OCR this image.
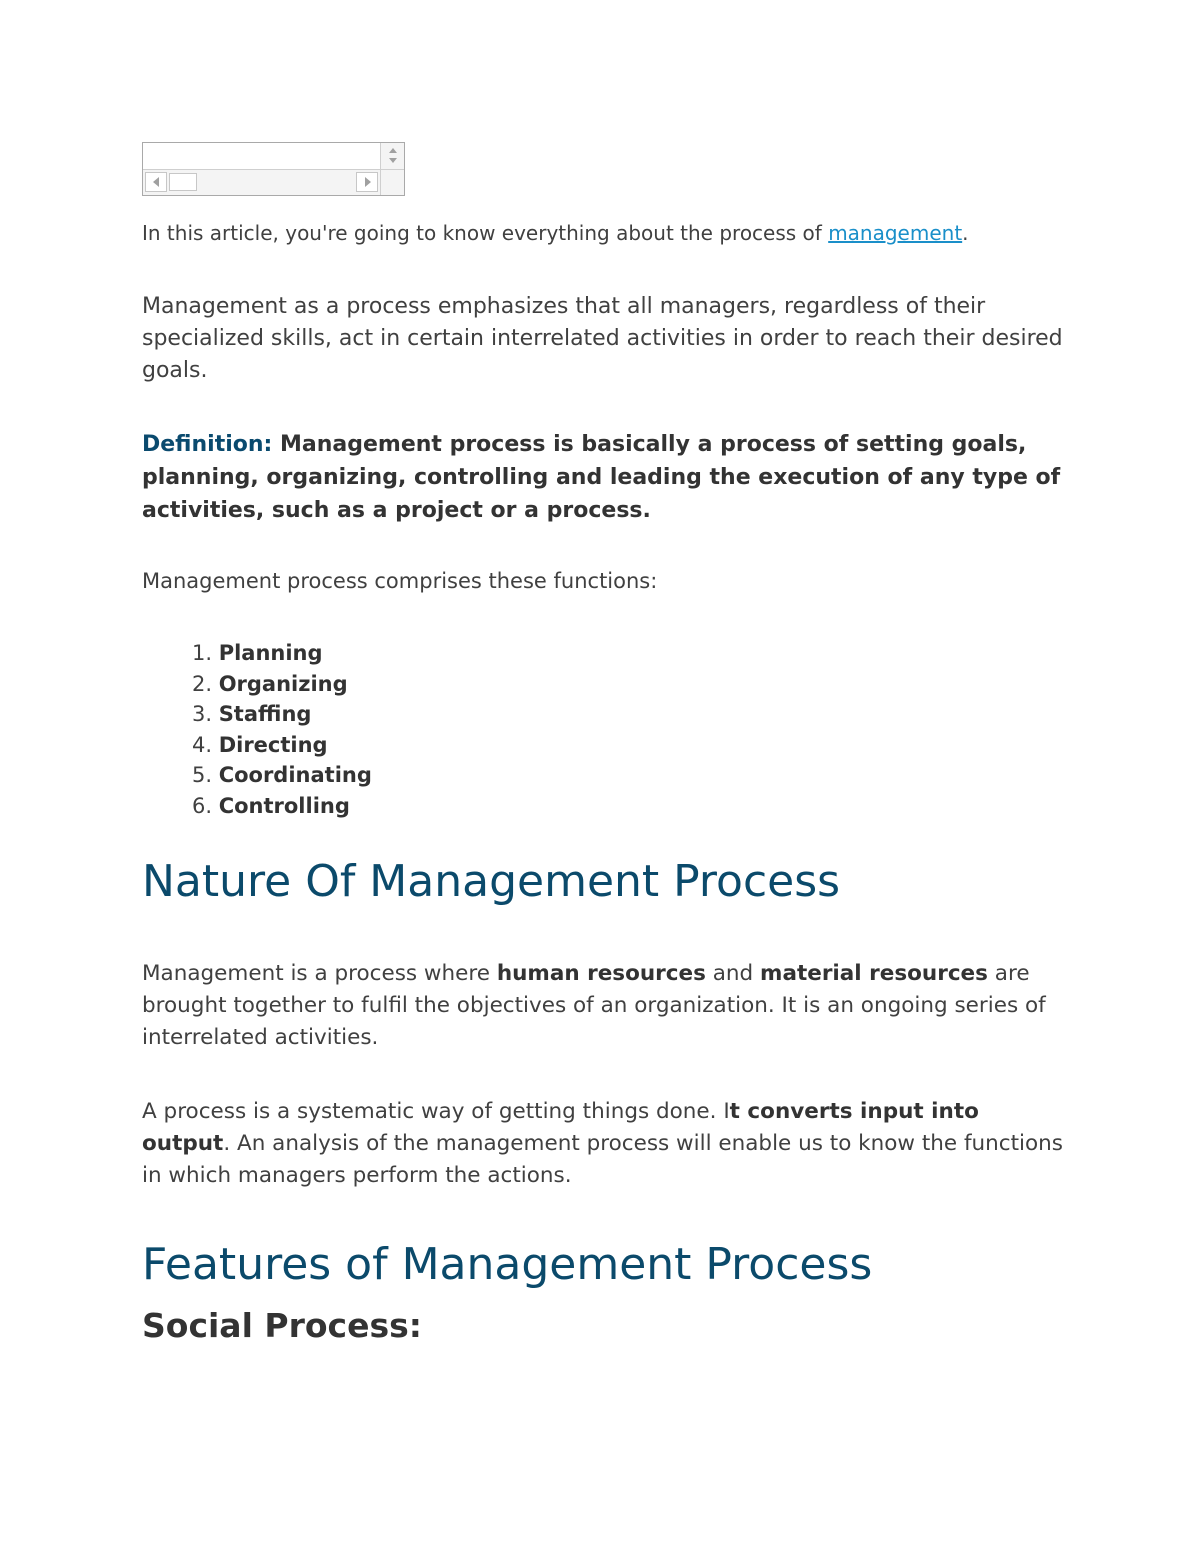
In this article, you're going to know everything about the process of management.

Management as a process emphasizes that all managers, regardless of their specialized skills, act in certain interrelated activities in order to reach their desired goals.

Definition: Management process is basically a process of setting goals, planning, organizing, controlling and leading the execution of any type of activities, such as a project or a process.

Management process comprises these functions:

1. Planning
2. Organizing
3. Staffing
4. Directing
5. Coordinating
6. Controlling
Nature Of Management Process

Management is a process where human resources and material resources are brought together to fulfil the objectives of an organization. It is an ongoing series of interrelated activities.

A process is a systematic way of getting things done. It converts input into output. An analysis of the management process will enable us to know the functions in which managers perform the actions.

Features of Management Process
Social Process:
